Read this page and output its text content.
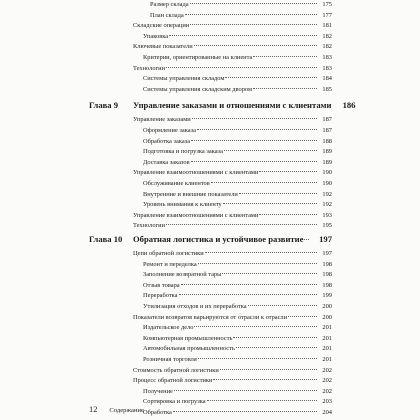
Размер склада	175
План склада	177
Складские операции	181
Упаковка	182
Ключевые показатели	182
Критерии, ориентированные на клиента	183
Технологии	183
Системы управления складом	184
Системы управления складским двором	185
Глава 9 Управление заказами и отношениями с клиентами	186
Управление заказами	187
Оформление заказа	187
Обработка заказа	188
Подготовка и погрузка заказа	189
Доставка заказов	189
Управление взаимоотношениями с клиентами	190
Обслуживание клиентов	190
Внутренние и внешние показатели	192
Уровень внимания к клиенту	192
Управление взаимоотношениями с клиентами	193
Технологии	195
Глава 10 Обратная логистика и устойчивое развитие	197
Цепи обратной логистики	197
Ремонт и переделка	198
Заполнение возвратной тары	198
Отзыв товара	198
Переработка	199
Утилизация отходов и их переработка	200
Показатели возвратов варьируются от отрасли к отрасли	200
Издательское дело	201
Компьютерная промышленность	201
Автомобильная промышленность	201
Розничная торговля	201
Стоимость обратной логистики	202
Процесс обратной логистики	202
Получение	202
Сортировка и погрузка	203
Обработка	204
12 Содержание
